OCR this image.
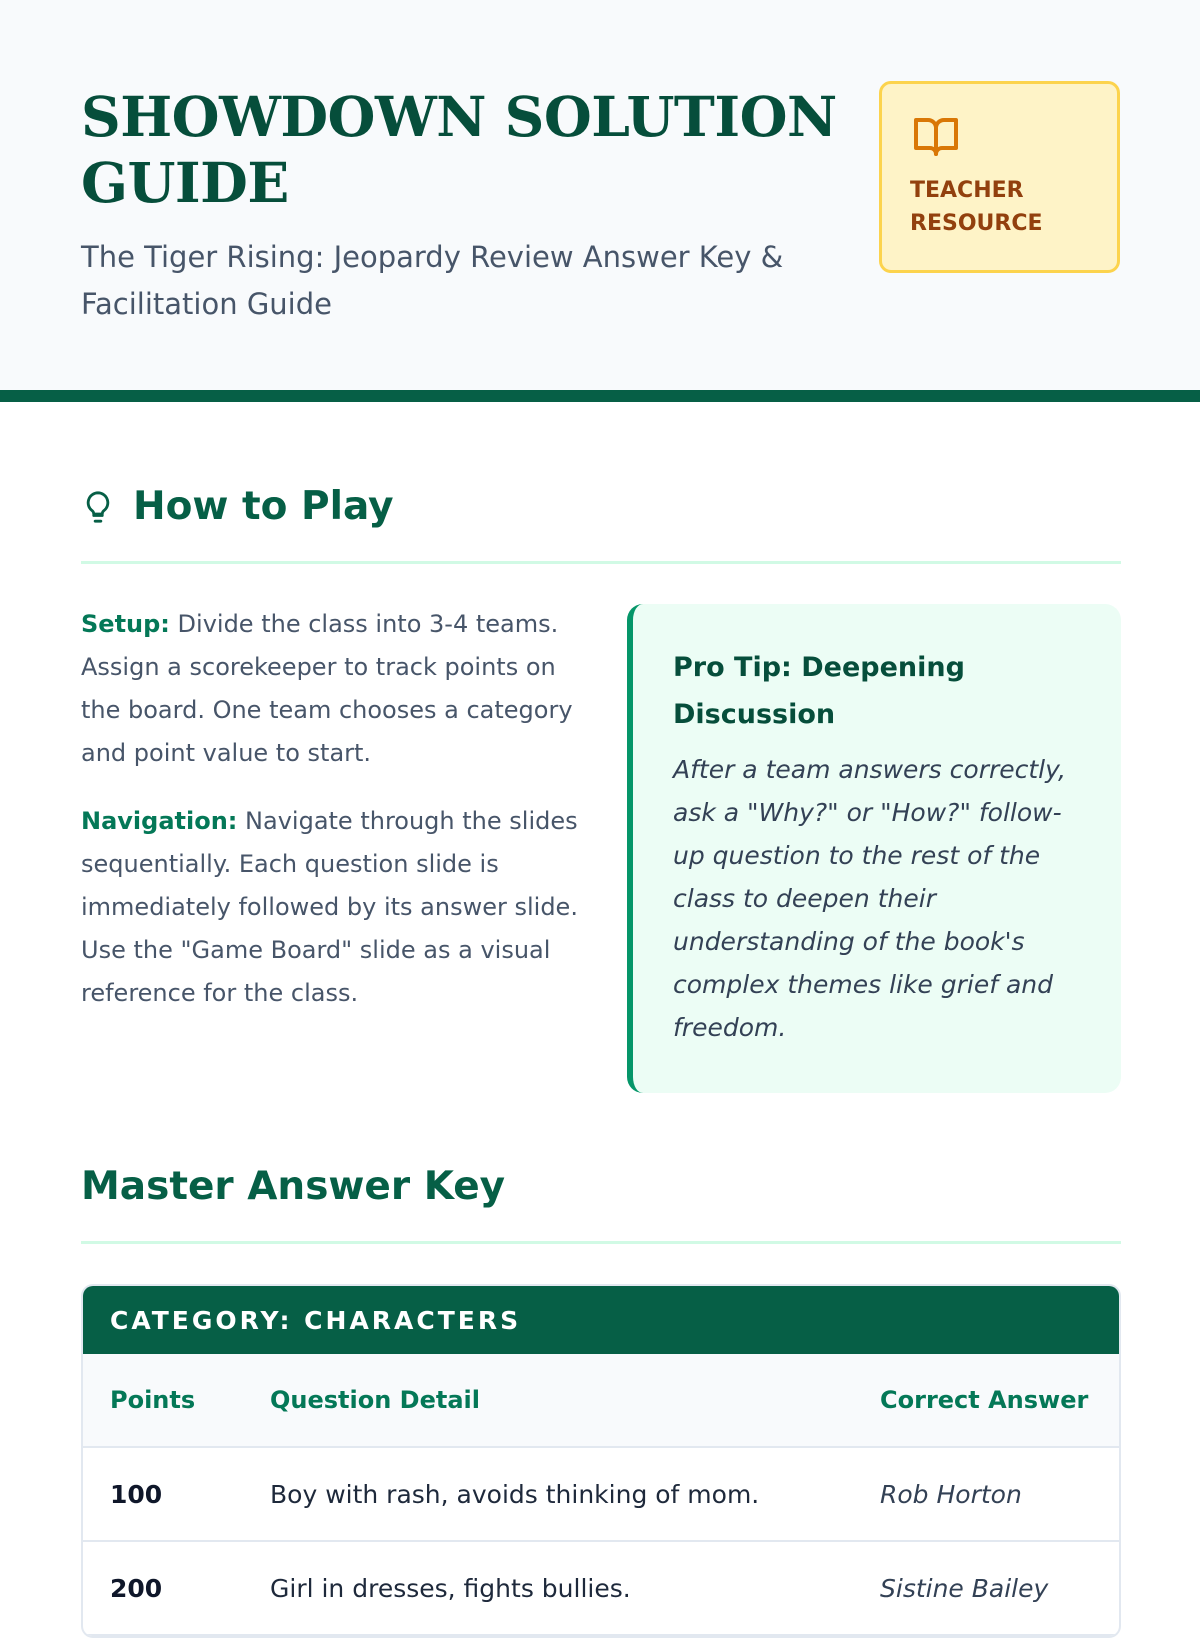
SHOWDOWN SOLUTION
GUIDE
The Tiger Rising: Jeopardy Review Answer Key & Facilitation Guide
TEACHER
RESOURCE
How to Play

Setup: Divide the class into 3-4 teams. Assign a scorekeeper to track points on the board. One team chooses a category and point value to start.

Navigation: Navigate through the slides sequentially. Each question slide is immediately followed by its answer slide. Use the "Game Board" slide as a visual reference for the class.

Pro Tip: Deepening Discussion
After a team answers correctly, ask a "Why?" or "How?" follow-up question to the rest of the class to deepen their understanding of the book's complex themes like grief and freedom.
Master Answer Key
CATEGORY: CHARACTERS
Points	Question Detail	Correct Answer
100	Boy with rash, avoids thinking of mom.	Rob Horton
200	Girl in dresses, fights bullies.	Sistine Bailey
